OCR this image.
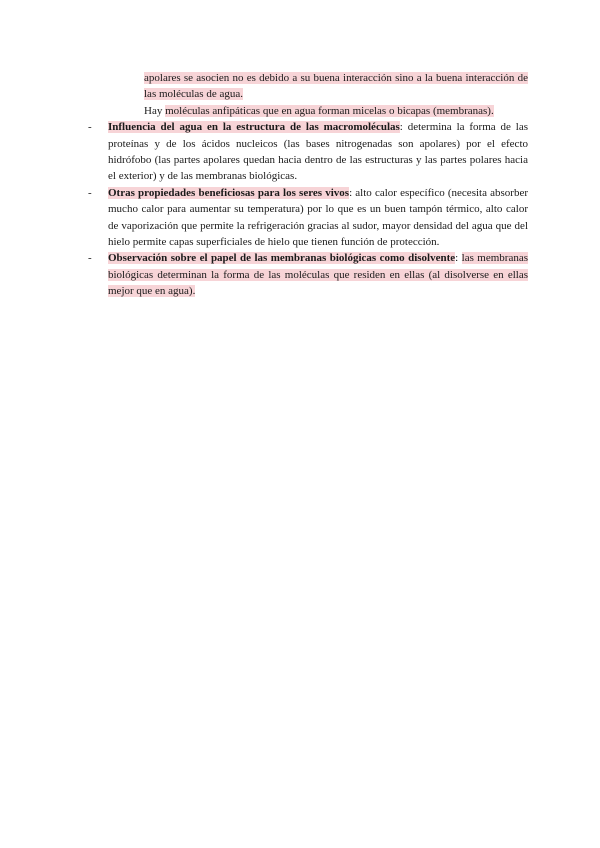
apolares se asocien no es debido a su buena interacción sino a la buena interacción de las moléculas de agua.

Hay moléculas anfipáticas que en agua forman micelas o bicapas (membranas).

-	Influencia del agua en la estructura de las macromoléculas: determina la forma de las proteínas y de los ácidos nucleicos (las bases nitrogenadas son apolares) por el efecto hidrófobo (las partes apolares quedan hacia dentro de las estructuras y las partes polares hacia el exterior) y de las membranas biológicas.
-	Otras propiedades beneficiosas para los seres vivos: alto calor específico (necesita absorber mucho calor para aumentar su temperatura) por lo que es un buen tampón térmico, alto calor de vaporización que permite la refrigeración gracias al sudor, mayor densidad del agua que del hielo permite capas superficiales de hielo que tienen función de protección.
-	Observación sobre el papel de las membranas biológicas como disolvente: las membranas biológicas determinan la forma de las moléculas que residen en ellas (al disolverse en ellas mejor que en agua).
